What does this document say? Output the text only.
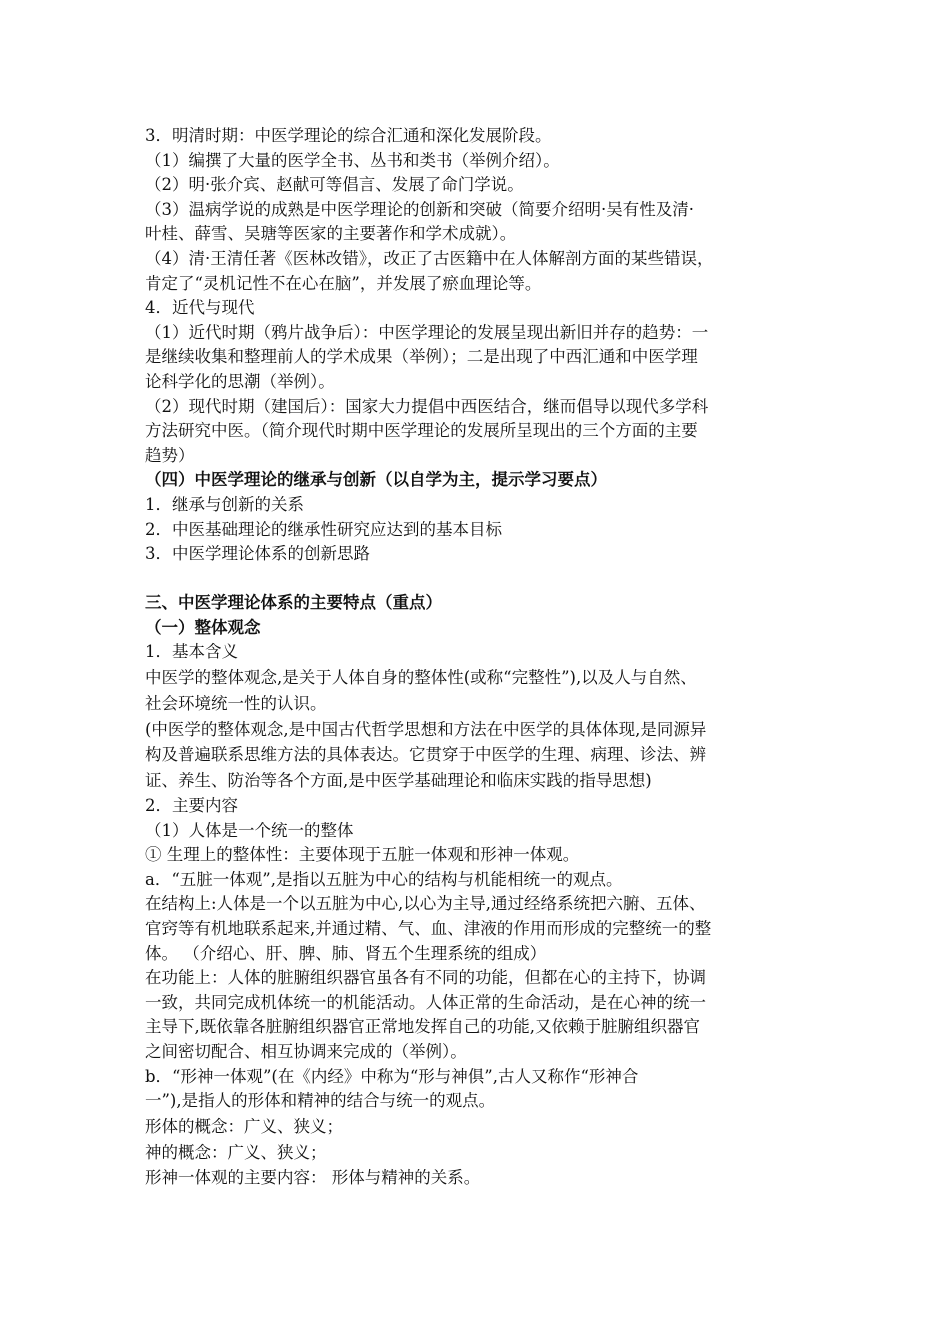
3．明清时期：中医学理论的综合汇通和深化发展阶段。
（1）编撰了大量的医学全书、丛书和类书（举例介绍）。
（2）明·张介宾、赵献可等倡言、发展了命门学说。
（3）温病学说的成熟是中医学理论的创新和突破（简要介绍明·吴有性及清·
叶桂、薛雪、吴瑭等医家的主要著作和学术成就）。
（4）清·王清任著《医林改错》，改正了古医籍中在人体解剖方面的某些错误，
肯定了“灵机记性不在心在脑”，并发展了瘀血理论等。
4．近代与现代
（1）近代时期（鸦片战争后）：中医学理论的发展呈现出新旧并存的趋势：一
是继续收集和整理前人的学术成果（举例）；二是出现了中西汇通和中医学理
论科学化的思潮（举例）。
（2）现代时期（建国后）：国家大力提倡中西医结合，继而倡导以现代多学科
方法研究中医。（简介现代时期中医学理论的发展所呈现出的三个方面的主要
趋势）
（四）中医学理论的继承与创新（以自学为主，提示学习要点）
1．继承与创新的关系
2．中医基础理论的继承性研究应达到的基本目标
3．中医学理论体系的创新思路
三、中医学理论体系的主要特点（重点）
（一）整体观念
1．基本含义
中医学的整体观念,是关于人体自身的整体性(或称“完整性”),以及人与自然、
社会环境统一性的认识。
(中医学的整体观念,是中国古代哲学思想和方法在中医学的具体体现,是同源异
构及普遍联系思维方法的具体表达。它贯穿于中医学的生理、病理、诊法、辨
证、养生、防治等各个方面,是中医学基础理论和临床实践的指导思想)
2．主要内容
（1）人体是一个统一的整体
① 生理上的整体性：主要体现于五脏一体观和形神一体观。
a．“五脏一体观”,是指以五脏为中心的结构与机能相统一的观点。
在结构上:人体是一个以五脏为中心,以心为主导,通过经络系统把六腑、五体、
官窍等有机地联系起来,并通过精、气、血、津液的作用而形成的完整统一的整
体。 （介绍心、肝、脾、肺、肾五个生理系统的组成）
在功能上：人体的脏腑组织器官虽各有不同的功能，但都在心的主持下，协调
一致，共同完成机体统一的机能活动。人体正常的生命活动，是在心神的统一
主导下,既依靠各脏腑组织器官正常地发挥自己的功能,又依赖于脏腑组织器官
之间密切配合、相互协调来完成的（举例）。
b．“形神一体观”(在《内经》中称为“形与神俱”,古人又称作“形神合
一”),是指人的形体和精神的结合与统一的观点。
形体的概念：广义、狭义；
神的概念：广义、狭义；
形神一体观的主要内容： 形体与精神的关系。
